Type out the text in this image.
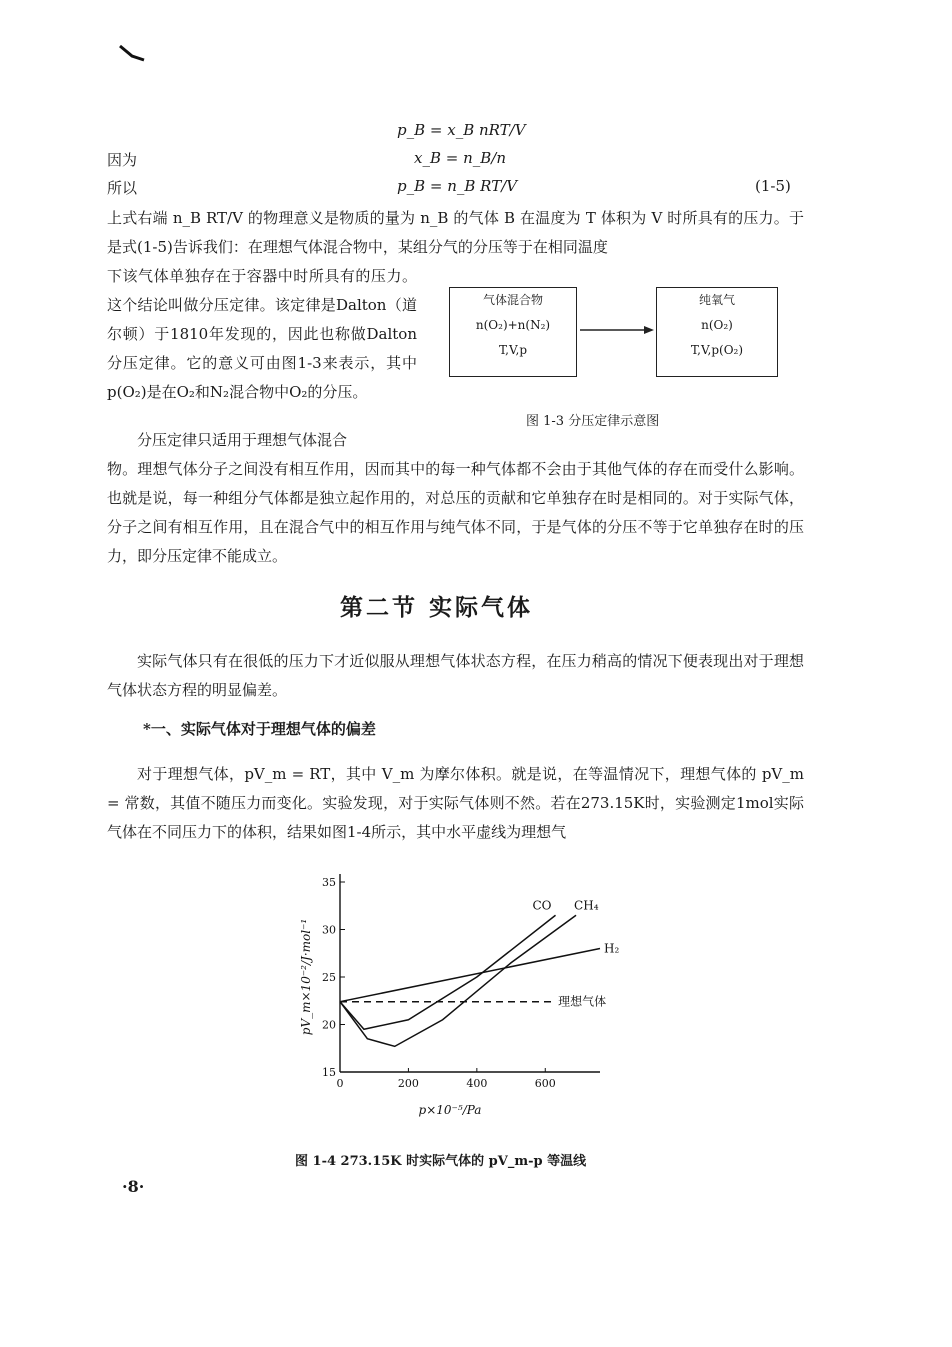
p_B = x_B nRT/V
因为	x_B = n_B/n
所以	p_B = n_B RT/V	(1-5)
上式右端 n_B RT/V 的物理意义是物质的量为 n_B 的气体 B 在温度为 T 体积为 V 时所具有的压力。于是式(1-5)告诉我们：在理想气体混合物中，某组分气的分压等于在相同温度
下该气体单独存在于容器中时所具有的压力。这个结论叫做分压定律。该定律是Dalton（道尔顿）于1810年发现的，因此也称做Dalton分压定律。它的意义可由图1-3来表示，其中 p(O₂)是在O₂和N₂混合物中O₂的分压。
气体混合物
n(O₂)+n(N₂)
T,V,p
纯氧气
n(O₂)
T,V,p(O₂)
图 1-3 分压定律示意图
分压定律只适用于理想气体混合
物。理想气体分子之间没有相互作用，因而其中的每一种气体都不会由于其他气体的存在而受什么影响。也就是说，每一种组分气体都是独立起作用的，对总压的贡献和它单独存在时是相同的。对于实际气体，分子之间有相互作用，且在混合气中的相互作用与纯气体不同，于是气体的分压不等于它单独存在时的压力，即分压定律不能成立。
第二节 实际气体
实际气体只有在很低的压力下才近似服从理想气体状态方程，在压力稍高的情况下便表现出对于理想气体状态方程的明显偏差。
*一、实际气体对于理想气体的偏差
对于理想气体，pV_m = RT，其中 V_m 为摩尔体积。就是说，在等温情况下，理想气体的 pV_m = 常数，其值不随压力而变化。实验发现，对于实际气体则不然。若在273.15K时，实验测定1mol实际气体在不同压力下的体积，结果如图1-4所示，其中水平虚线为理想气
15
20
25
30
35
0	200	400	600
p×10⁻⁵/Pa
pV_m×10⁻²/J·mol⁻¹
CO CH₄
H₂
理想气体
图 1-4 273.15K 时实际气体的 pV_m-p 等温线
·8·
